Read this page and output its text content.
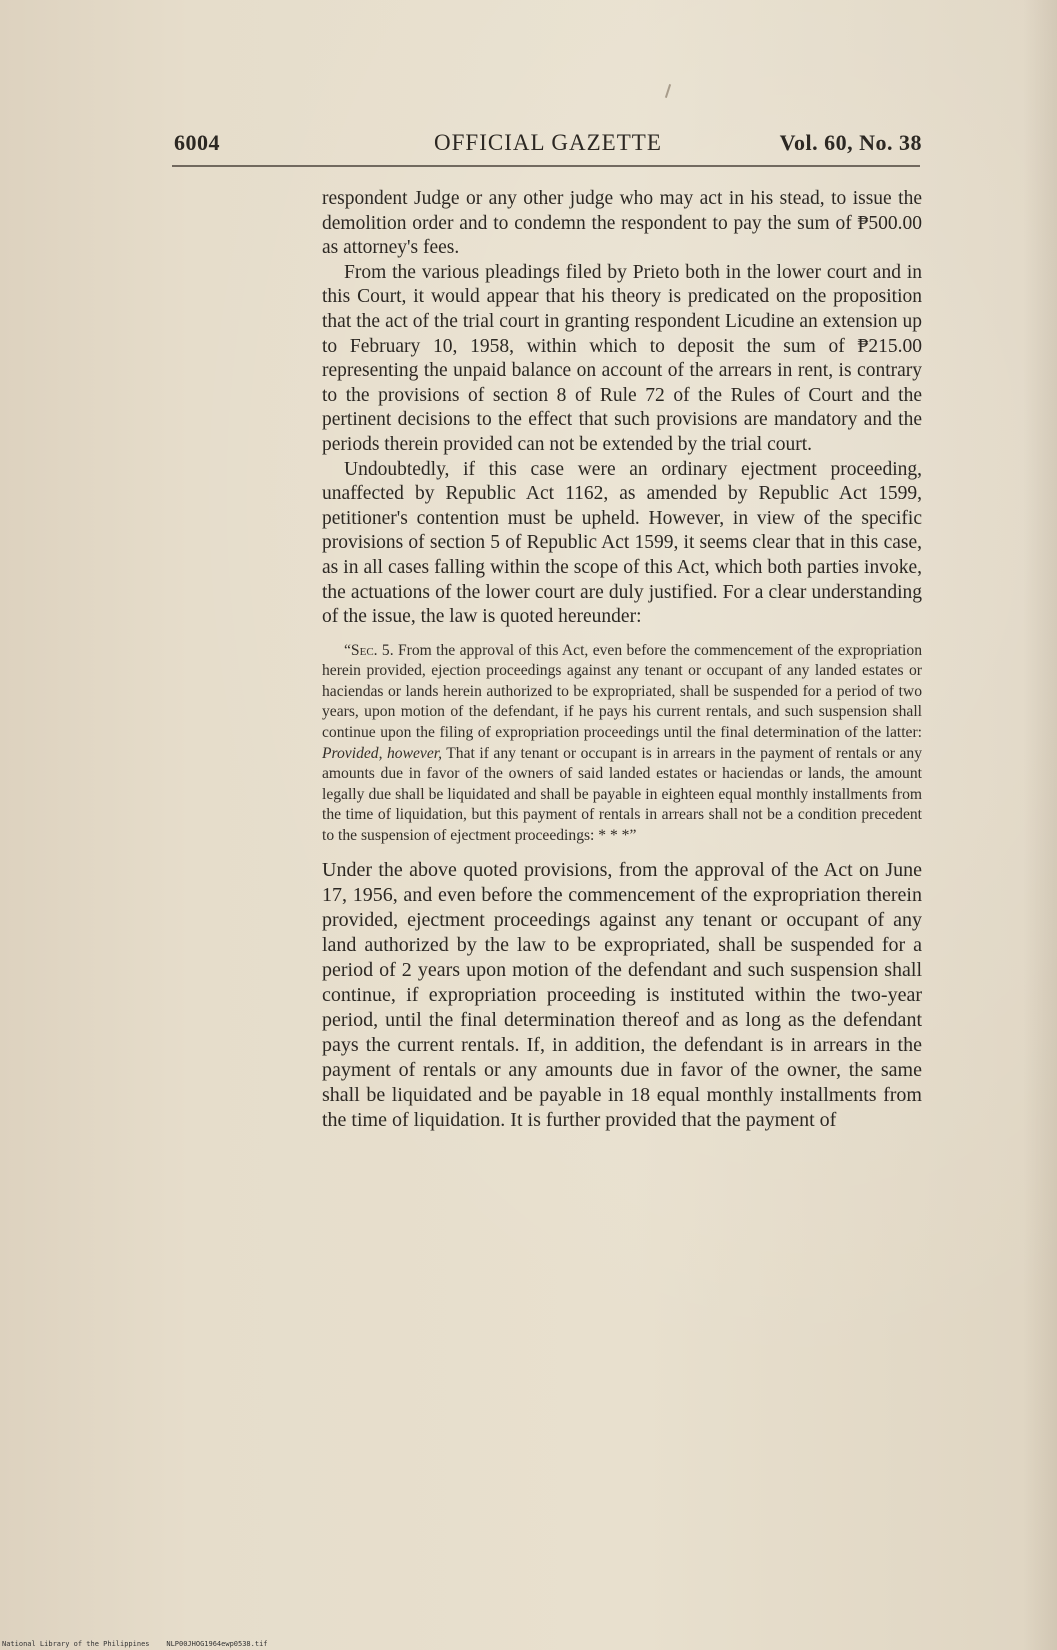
6004	OFFICIAL GAZETTE	Vol. 60, No. 38

respondent Judge or any other judge who may act in his stead, to issue the demolition order and to condemn the respondent to pay the sum of ₱500.00 as attorney's fees.

From the various pleadings filed by Prieto both in the lower court and in this Court, it would appear that his theory is predicated on the proposition that the act of the trial court in granting respondent Licudine an extension up to February 10, 1958, within which to deposit the sum of ₱215.00 representing the unpaid balance on account of the arrears in rent, is contrary to the provisions of section 8 of Rule 72 of the Rules of Court and the pertinent decisions to the effect that such provisions are mandatory and the periods therein provided can not be extended by the trial court.

Undoubtedly, if this case were an ordinary ejectment proceeding, unaffected by Republic Act 1162, as amended by Republic Act 1599, petitioner's contention must be upheld. However, in view of the specific provisions of section 5 of Republic Act 1599, it seems clear that in this case, as in all cases falling within the scope of this Act, which both parties invoke, the actuations of the lower court are duly justified. For a clear understanding of the issue, the law is quoted hereunder:

“Sec. 5. From the approval of this Act, even before the commencement of the expropriation herein provided, ejection proceedings against any tenant or occupant of any landed estates or haciendas or lands herein authorized to be expropriated, shall be suspended for a period of two years, upon motion of the defendant, if he pays his current rentals, and such suspension shall continue upon the filing of expropriation proceedings until the final determination of the latter: Provided, however, That if any tenant or occupant is in arrears in the payment of rentals or any amounts due in favor of the owners of said landed estates or haciendas or lands, the amount legally due shall be liquidated and shall be payable in eighteen equal monthly installments from the time of liquidation, but this payment of rentals in arrears shall not be a condition precedent to the suspension of ejectment proceedings: * * *”

Under the above quoted provisions, from the approval of the Act on June 17, 1956, and even before the commencement of the expropriation therein provided, ejectment proceedings against any tenant or occupant of any land authorized by the law to be expropriated, shall be suspended for a period of 2 years upon motion of the defendant and such suspension shall continue, if expropriation proceeding is instituted within the two-year period, until the final determination thereof and as long as the defendant pays the current rentals. If, in addition, the defendant is in arrears in the payment of rentals or any amounts due in favor of the owner, the same shall be liquidated and be payable in 18 equal monthly installments from the time of liquidation. It is further provided that the payment of

National Library of the Philippines    NLP00JHOG1964ewp0538.tif
